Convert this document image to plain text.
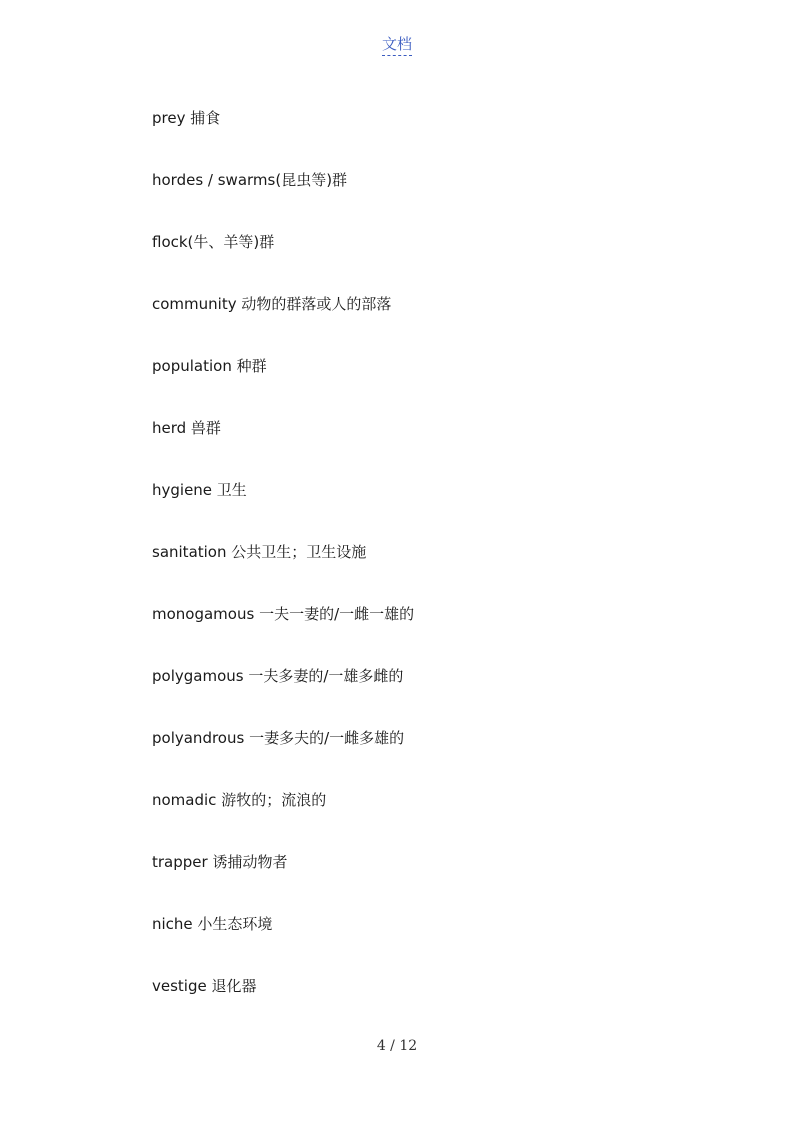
文档
prey 捕食
hordes / swarms(昆虫等)群
flock(牛、羊等)群
community 动物的群落或人的部落
population 种群
herd 兽群
hygiene 卫生
sanitation 公共卫生；卫生设施
monogamous 一夫一妻的/一雌一雄的
polygamous 一夫多妻的/一雄多雌的
polyandrous 一妻多夫的/一雌多雄的
nomadic 游牧的；流浪的
trapper 诱捕动物者
niche 小生态环境
vestige 退化器
4 / 12
